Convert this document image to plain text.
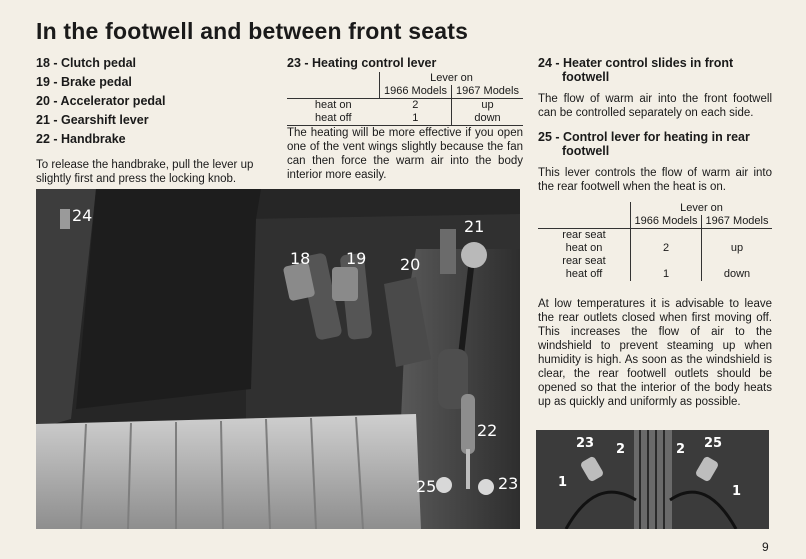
In the footwell and between front seats
18 - Clutch pedal
19 - Brake pedal
20 - Accelerator pedal
21 - Gearshift lever
22 - Handbrake
To release the handbrake, pull the lever up slightly first and press the locking knob.
23 - Heating control lever
	Lever on	
	1966 Models	1967 Models
heat on	2	up
heat off	1	down
The heating will be more effective if you open one of the vent wings slightly because the fan can then force the warm air into the body interior more easily.
24 - Heater control slides in front footwell
The flow of warm air into the front footwell can be controlled separately on each side.
25 - Control lever for heating in rear footwell
This lever controls the flow of warm air into the rear footwell when the heat is on.
	Lever on	
	1966 Models	1967 Models
rear seat		
heat on	2	up
rear seat		
heat off	1	down
At low temperatures it is advisable to leave the rear outlets closed when first moving off. This increases the flow of air to the windshield to prevent steaming up when humidity is high. As soon as the windshield is clear, the rear footwell outlets should be opened so that the interior of the body heats up as quickly and uniformly as possible.
24
18 19 20
21
22
25	23
23 2	2 25
1
1
9
